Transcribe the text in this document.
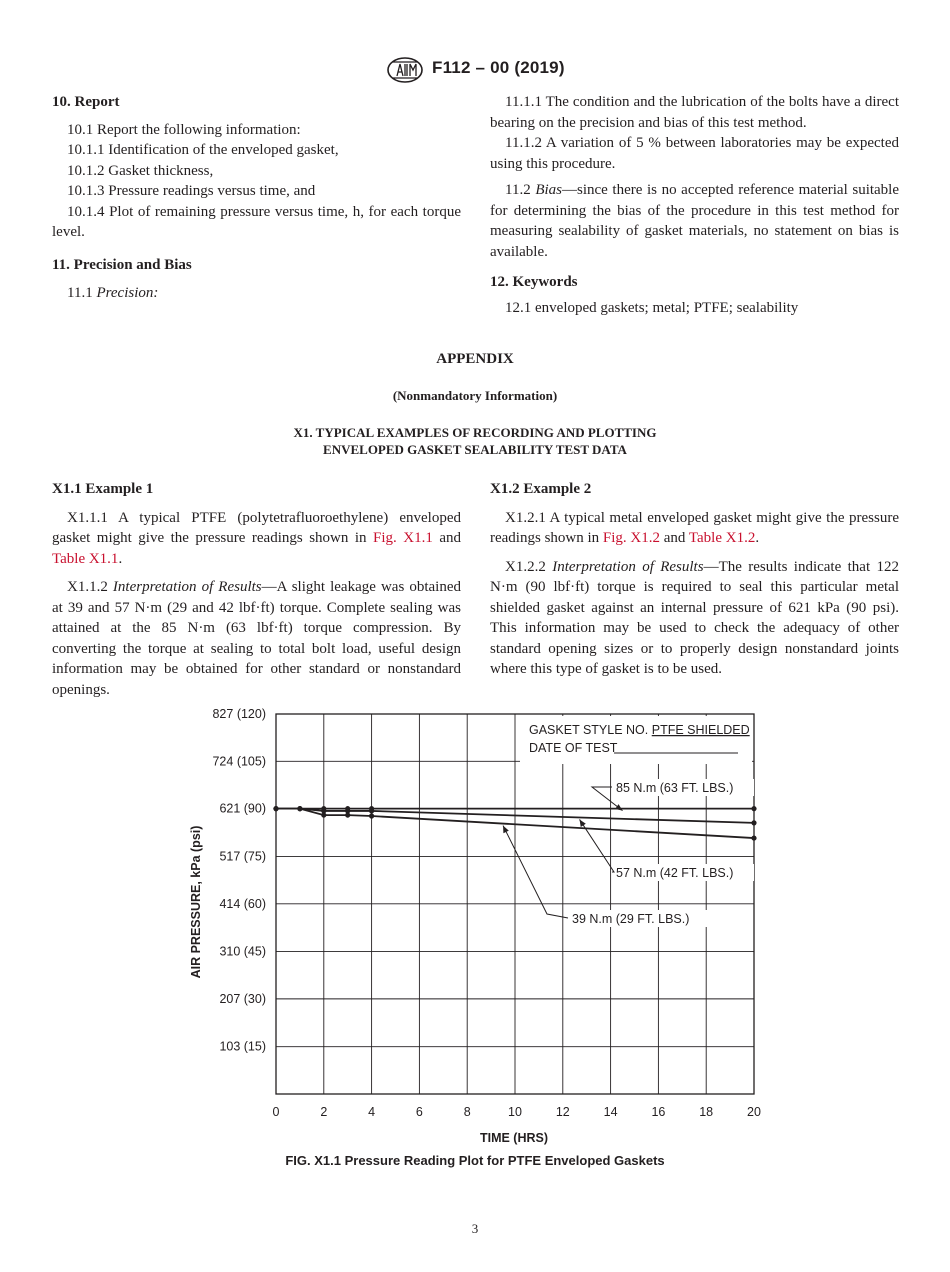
F112 – 00 (2019)

10. Report

10.1 Report the following information:

10.1.1 Identification of the enveloped gasket,

10.1.2 Gasket thickness,

10.1.3 Pressure readings versus time, and

10.1.4 Plot of remaining pressure versus time, h, for each torque level.

11. Precision and Bias

11.1 Precision:

11.1.1 The condition and the lubrication of the bolts have a direct bearing on the precision and bias of this test method.

11.1.2 A variation of 5 % between laboratories may be expected using this procedure.

11.2 Bias—since there is no accepted reference material suitable for determining the bias of the procedure in this test method for measuring sealability of gasket materials, no statement on bias is available.

12. Keywords

12.1 enveloped gaskets; metal; PTFE; sealability

APPENDIX
(Nonmandatory Information)
X1. TYPICAL EXAMPLES OF RECORDING AND PLOTTING
ENVELOPED GASKET SEALABILITY TEST DATA

X1.1 Example 1

X1.1.1 A typical PTFE (polytetrafluoroethylene) enveloped gasket might give the pressure readings shown in Fig. X1.1 and Table X1.1.

X1.1.2 Interpretation of Results—A slight leakage was obtained at 39 and 57 N·m (29 and 42 lbf·ft) torque. Complete sealing was attained at the 85 N·m (63 lbf·ft) torque compression. By converting the torque at sealing to total bolt load, useful design information may be obtained for other standard or nonstandard openings.

X1.2 Example 2

X1.2.1 A typical metal enveloped gasket might give the pressure readings shown in Fig. X1.2 and Table X1.2.

X1.2.2 Interpretation of Results—The results indicate that 122 N·m (90 lbf·ft) torque is required to seal this particular metal shielded gasket against an internal pressure of 621 kPa (90 psi). This information may be used to check the adequacy of other standard opening sizes or to properly design nonstandard joints where this type of gasket is to be used.

0	2	4	6	8	10	12	14	16	18	20
103 (15)
207 (30)
310 (45)
414 (60)
517 (75)
621 (90)
724 (105)
827 (120)
GASKET STYLE NO. PTFE SHIELDED
DATE OF TEST
85 N.m (63 FT. LBS.)
57 N.m (42 FT. LBS.)
39 N.m (29 FT. LBS.)
AIR PRESSURE, kPa (psi)
TIME (HRS)
FIG. X1.1 Pressure Reading Plot for PTFE Enveloped Gaskets
3
